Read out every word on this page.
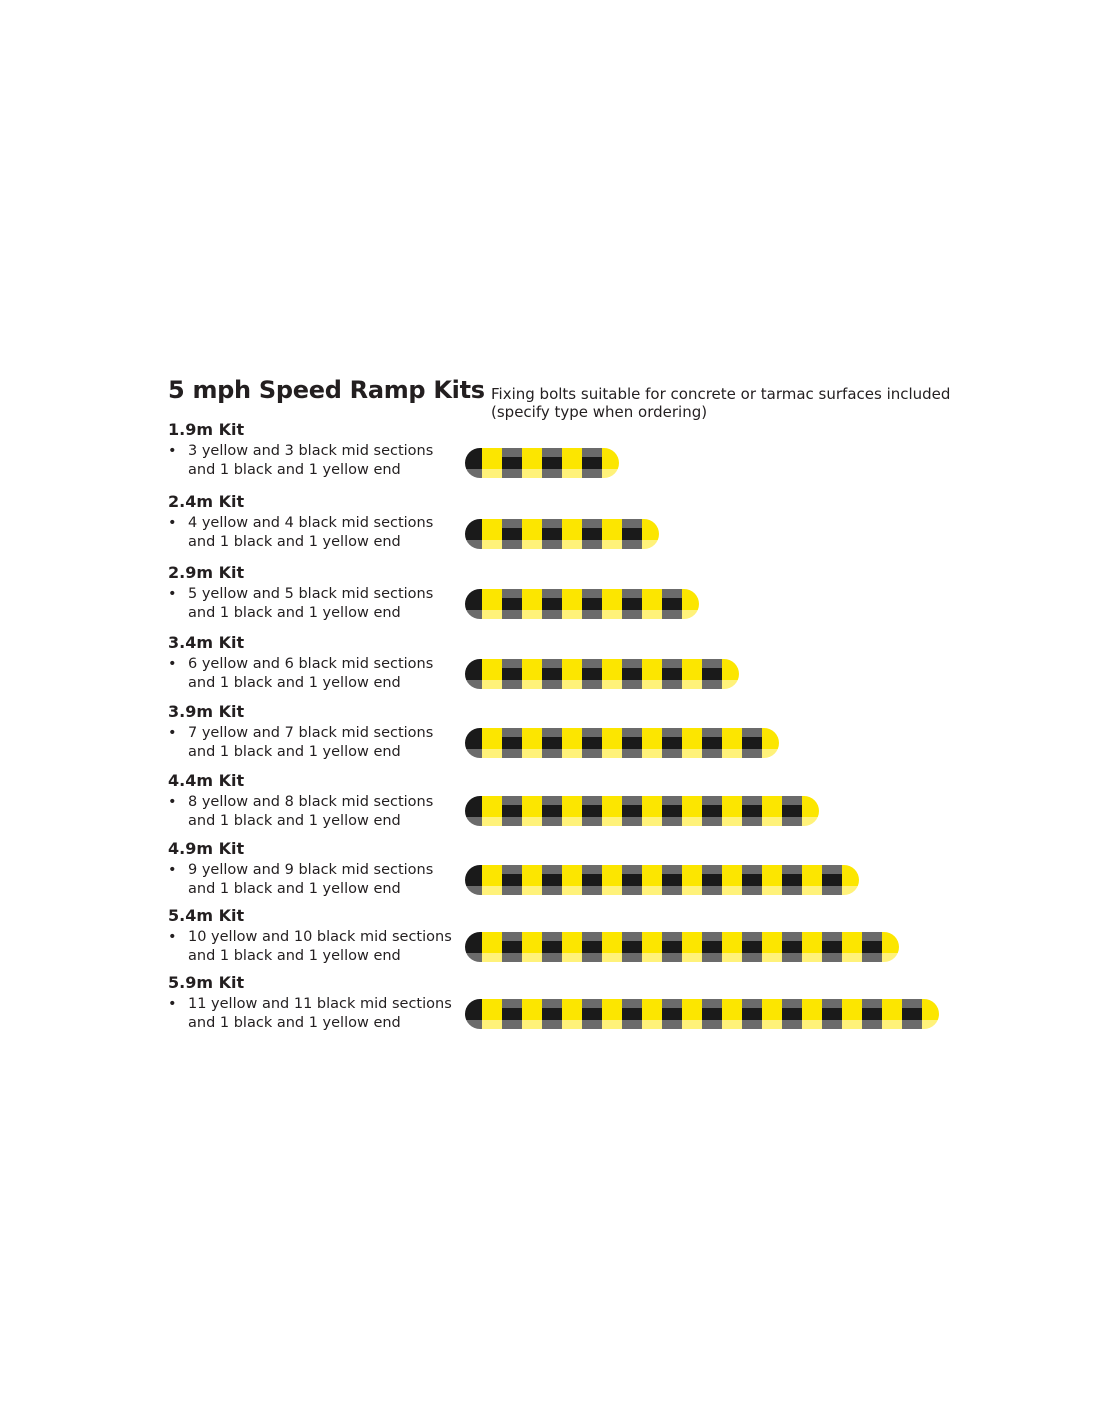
5 mph Speed Ramp Kits Fixing bolts suitable for concrete or tarmac surfaces included (specify type when ordering)
1.9m Kit
• 3 yellow and 3 black mid sections
and 1 black and 1 yellow end
2.4m Kit
• 4 yellow and 4 black mid sections
and 1 black and 1 yellow end
2.9m Kit
• 5 yellow and 5 black mid sections
and 1 black and 1 yellow end
3.4m Kit
• 6 yellow and 6 black mid sections
and 1 black and 1 yellow end
3.9m Kit
• 7 yellow and 7 black mid sections
and 1 black and 1 yellow end
4.4m Kit
• 8 yellow and 8 black mid sections
and 1 black and 1 yellow end
4.9m Kit
• 9 yellow and 9 black mid sections
and 1 black and 1 yellow end
5.4m Kit
• 10 yellow and 10 black mid sections
and 1 black and 1 yellow end
5.9m Kit
• 11 yellow and 11 black mid sections
and 1 black and 1 yellow end
